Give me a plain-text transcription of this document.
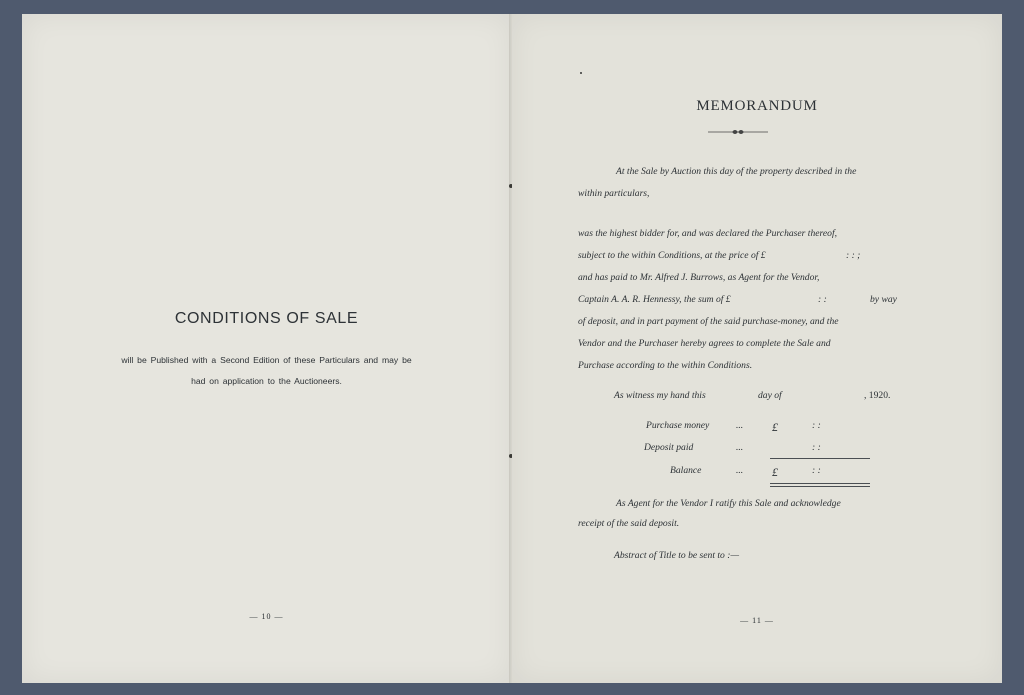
CONDITIONS OF SALE
will be Published with a Second Edition of these Particulars and may be
had on application to the Auctioneers.
— 10 —
MEMORANDUM
At the Sale by Auction this day of the property described in the
within particulars,
was the highest bidder for, and was declared the Purchaser thereof,
subject to the within Conditions, at the price of £	: : ;
and has paid to Mr. Alfred J. Burrows, as Agent for the Vendor,
Captain A. A. R. Hennessy, the sum of £	: :	by way
of deposit, and in part payment of the said purchase-money, and the
Vendor and the Purchaser hereby agrees to complete the Sale and
Purchase according to the within Conditions.
As witness my hand this	day of	, 1920.
Purchase money	... £	: :
Deposit paid	...	: :
Balance	... £	: :
As Agent for the Vendor I ratify this Sale and acknowledge
receipt of the said deposit.
Abstract of Title to be sent to :—
— 11 —
